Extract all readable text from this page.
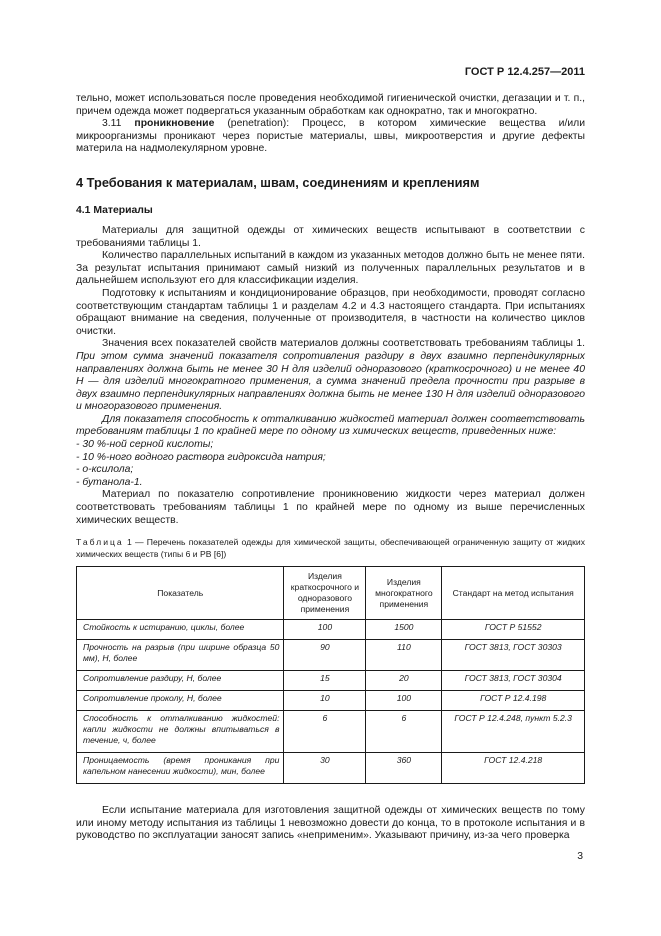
ГОСТ Р 12.4.257—2011

тельно, может использоваться после проведения необходимой гигиенической очистки, дегазации и т. п., причем одежда может подвергаться указанным обработкам как однократно, так и многократно.

3.11 проникновение (penetration): Процесс, в котором химические вещества и/или микроорганизмы проникают через пористые материалы, швы, микроотверстия и другие дефекты материла на надмолекулярном уровне.

4 Требования к материалам, швам, соединениям и креплениям
4.1 Материалы

Материалы для защитной одежды от химических веществ испытывают в соответствии с требованиями таблицы 1.

Количество параллельных испытаний в каждом из указанных методов должно быть не менее пяти. За результат испытания принимают самый низкий из полученных параллельных результатов и в дальнейшем используют его для классификации изделия.

Подготовку к испытаниям и кондиционирование образцов, при необходимости, проводят согласно соответствующим стандартам таблицы 1 и разделам 4.2 и 4.3 настоящего стандарта. При испытаниях обращают внимание на сведения, полученные от производителя, в частности на количество циклов очистки.

Значения всех показателей свойств материалов должны соответствовать требованиям таблицы 1. При этом сумма значений показателя сопротивления раздиру в двух взаимно перпендикулярных направлениях должна быть не менее 30 Н для изделий одноразового (краткосрочного) и не менее 40 Н — для изделий многократного применения, а сумма значений предела прочности при разрыве в двух взаимно перпендикулярных направлениях должна быть не менее 130 Н для изделий одноразового и многоразового применения.

Для показателя способность к отталкиванию жидкостей материал должен соответствовать требованиям таблицы 1 по крайней мере по одному из химических веществ, приведенных ниже:

- 30 %-ной серной кислоты;

- 10 %-ного водного раствора гидроксида натрия;

- о-ксилола;

- бутанола-1.

Материал по показателю сопротивление проникновению жидкости через материал должен соответствовать требованиям таблицы 1 по крайней мере по одному из выше перечисленных химических веществ.

Таблица 1 — Перечень показателей одежды для химической защиты, обеспечивающей ограниченную защиту от жидких химических веществ (типы 6 и PB [6])

Показатель	Изделия краткосрочного и одноразового применения	Изделия многократного применения	Стандарт на метод испытания
Стойкость к истиранию, циклы, более	100	1500	ГОСТ Р 51552
Прочность на разрыв (при ширине образца 50 мм), Н, более	90	110	ГОСТ 3813, ГОСТ 30303
Сопротивление раздиру, Н, более	15	20	ГОСТ 3813, ГОСТ 30304
Сопротивление проколу, Н, более	10	100	ГОСТ Р 12.4.198
Способность к отталкиванию жидкостей: капли жидкости не должны впитываться в течение, ч, более	6	6	ГОСТ Р 12.4.248, пункт 5.2.3
Проницаемость (время проникания при капельном нанесении жидкости), мин, более	30	360	ГОСТ 12.4.218

Если испытание материала для изготовления защитной одежды от химических веществ по тому или иному методу испытания из таблицы 1 невозможно довести до конца, то в протоколе испытания и в руководство по эксплуатации заносят запись «неприменим». Указывают причину, из-за чего проверка

3
